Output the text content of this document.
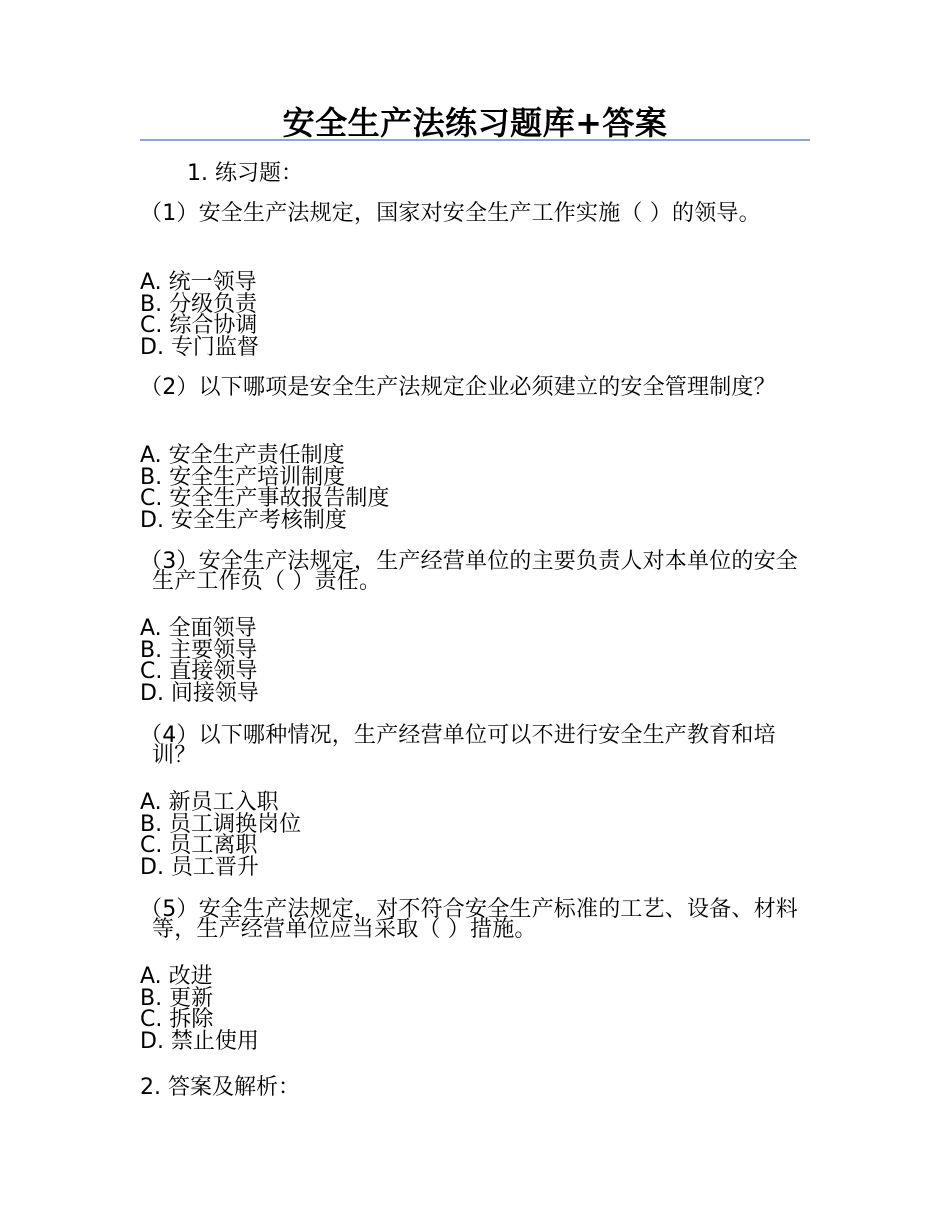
安全生产法练习题库+答案
1. 练习题：
（1）安全生产法规定，国家对安全生产工作实施（ ）的领导。
A. 统一领导
B. 分级负责
C. 综合协调
D. 专门监督
（2）以下哪项是安全生产法规定企业必须建立的安全管理制度？
A. 安全生产责任制度
B. 安全生产培训制度
C. 安全生产事故报告制度
D. 安全生产考核制度
（3）安全生产法规定，生产经营单位的主要负责人对本单位的安全生产工作负（ ）责任。
A. 全面领导
B. 主要领导
C. 直接领导
D. 间接领导
（4）以下哪种情况，生产经营单位可以不进行安全生产教育和培训？
A. 新员工入职
B. 员工调换岗位
C. 员工离职
D. 员工晋升
（5）安全生产法规定，对不符合安全生产标准的工艺、设备、材料等，生产经营单位应当采取（ ）措施。
A. 改进
B. 更新
C. 拆除
D. 禁止使用
2. 答案及解析：
